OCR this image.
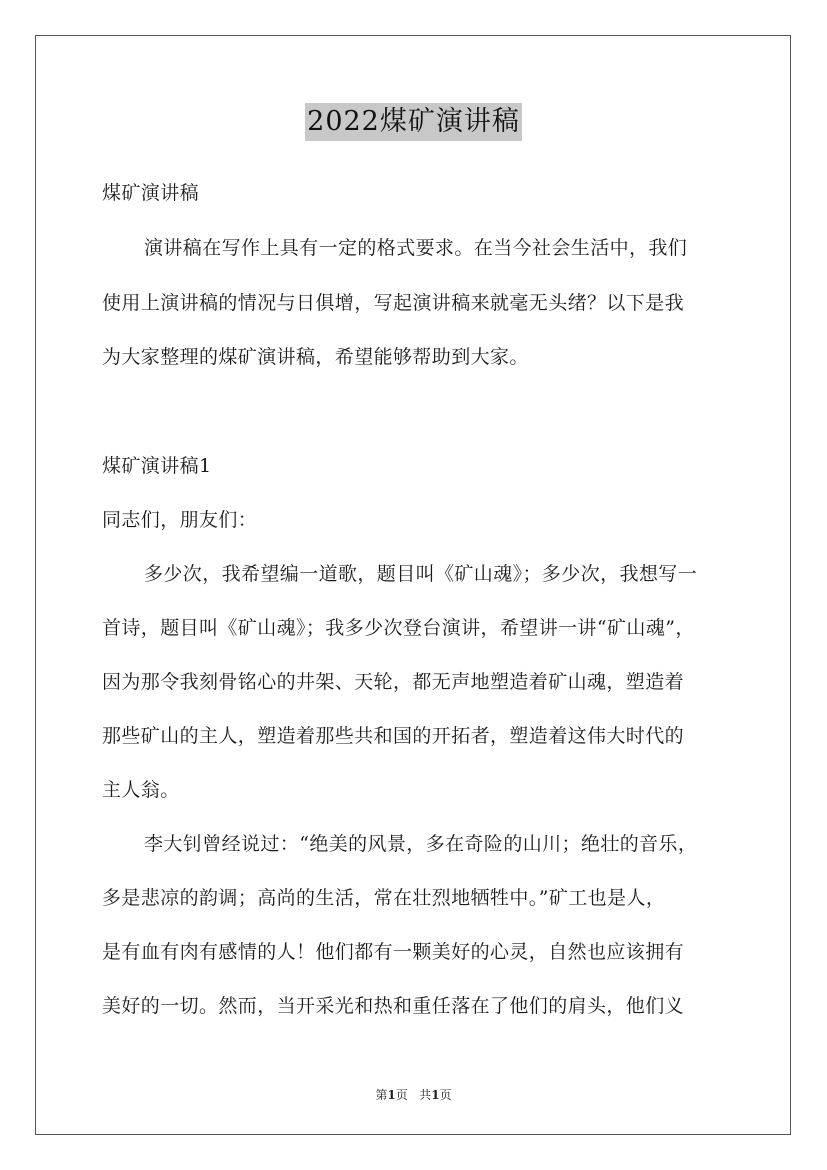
2022煤矿演讲稿
煤矿演讲稿
演讲稿在写作上具有一定的格式要求。在当今社会生活中，我们
使用上演讲稿的情况与日俱增，写起演讲稿来就毫无头绪？以下是我
为大家整理的煤矿演讲稿，希望能够帮助到大家。
煤矿演讲稿1
同志们，朋友们：
多少次，我希望编一道歌，题目叫《矿山魂》；多少次，我想写一
首诗，题目叫《矿山魂》；我多少次登台演讲，希望讲一讲“矿山魂”，
因为那令我刻骨铭心的井架、天轮，都无声地塑造着矿山魂，塑造着
那些矿山的主人，塑造着那些共和国的开拓者，塑造着这伟大时代的
主人翁。
李大钊曾经说过：“绝美的风景，多在奇险的山川；绝壮的音乐，
多是悲凉的韵调；高尚的生活，常在壮烈地牺牲中。”矿工也是人，
是有血有肉有感情的人！他们都有一颗美好的心灵，自然也应该拥有
美好的一切。然而，当开采光和热和重任落在了他们的肩头，他们义
第1页   共1页
